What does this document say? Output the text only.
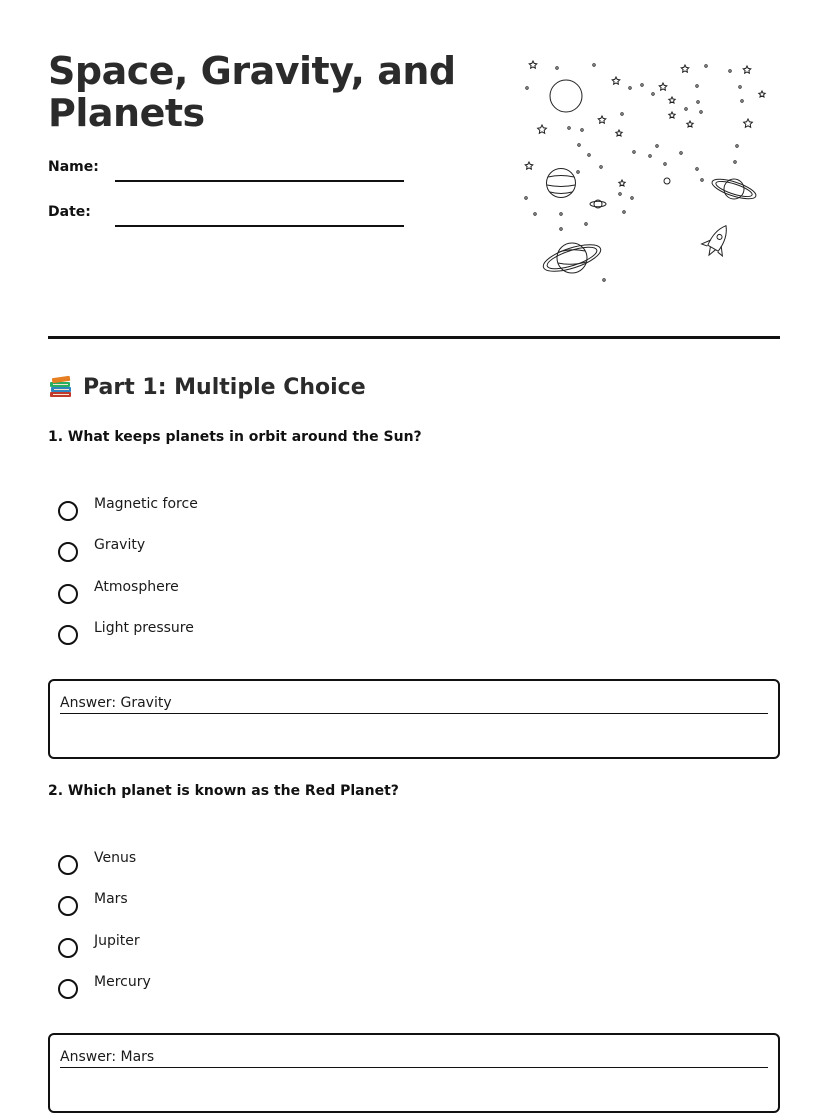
Space, Gravity, and Planets
Name:
Date:
Part 1: Multiple Choice

1. What keeps planets in orbit around the Sun?

Magnetic force
Gravity
Atmosphere
Light pressure
Answer: Gravity

2. Which planet is known as the Red Planet?

Venus
Mars
Jupiter
Mercury
Answer: Mars
